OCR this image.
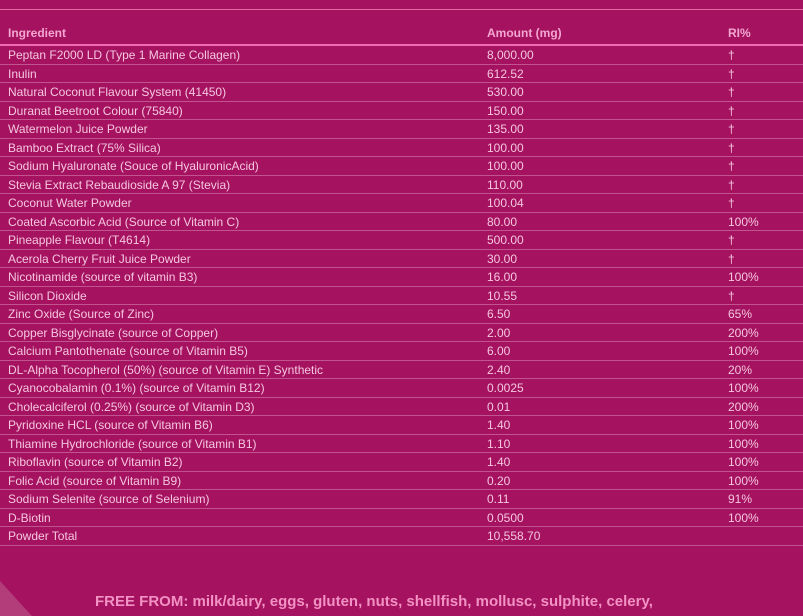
Ingredient	Amount (mg)	RI%
Peptan F2000 LD (Type 1 Marine Collagen)	8,000.00	†
Inulin	612.52	†
Natural Coconut Flavour System (41450)	530.00	†
Duranat Beetroot Colour (75840)	150.00	†
Watermelon Juice Powder	135.00	†
Bamboo Extract (75% Silica)	100.00	†
Sodium Hyaluronate (Souce of HyaluronicAcid)	100.00	†
Stevia Extract Rebaudioside A 97 (Stevia)	110.00	†
Coconut Water Powder	100.04	†
Coated Ascorbic Acid (Source of Vitamin C)	80.00	100%
Pineapple Flavour (T4614)	500.00	†
Acerola Cherry Fruit Juice Powder	30.00	†
Nicotinamide (source of vitamin B3)	16.00	100%
Silicon Dioxide	10.55	†
Zinc Oxide (Source of Zinc)	6.50	65%
Copper Bisglycinate (source of Copper)	2.00	200%
Calcium Pantothenate (source of Vitamin B5)	6.00	100%
DL-Alpha Tocopherol (50%) (source of Vitamin E) Synthetic	2.40	20%
Cyanocobalamin (0.1%) (source of Vitamin B12)	0.0025	100%
Cholecalciferol (0.25%) (source of Vitamin D3)	0.01	200%
Pyridoxine HCL (source of Vitamin B6)	1.40	100%
Thiamine Hydrochloride (source of Vitamin B1)	1.10	100%
Riboflavin (source of Vitamin B2)	1.40	100%
Folic Acid (source of Vitamin B9)	0.20	100%
Sodium Selenite (source of Selenium)	0.11	91%
D-Biotin	0.0500	100%
Powder Total	10,558.70
FREE FROM: milk/dairy, eggs, gluten, nuts, shellfish, mollusc, sulphite, celery,
